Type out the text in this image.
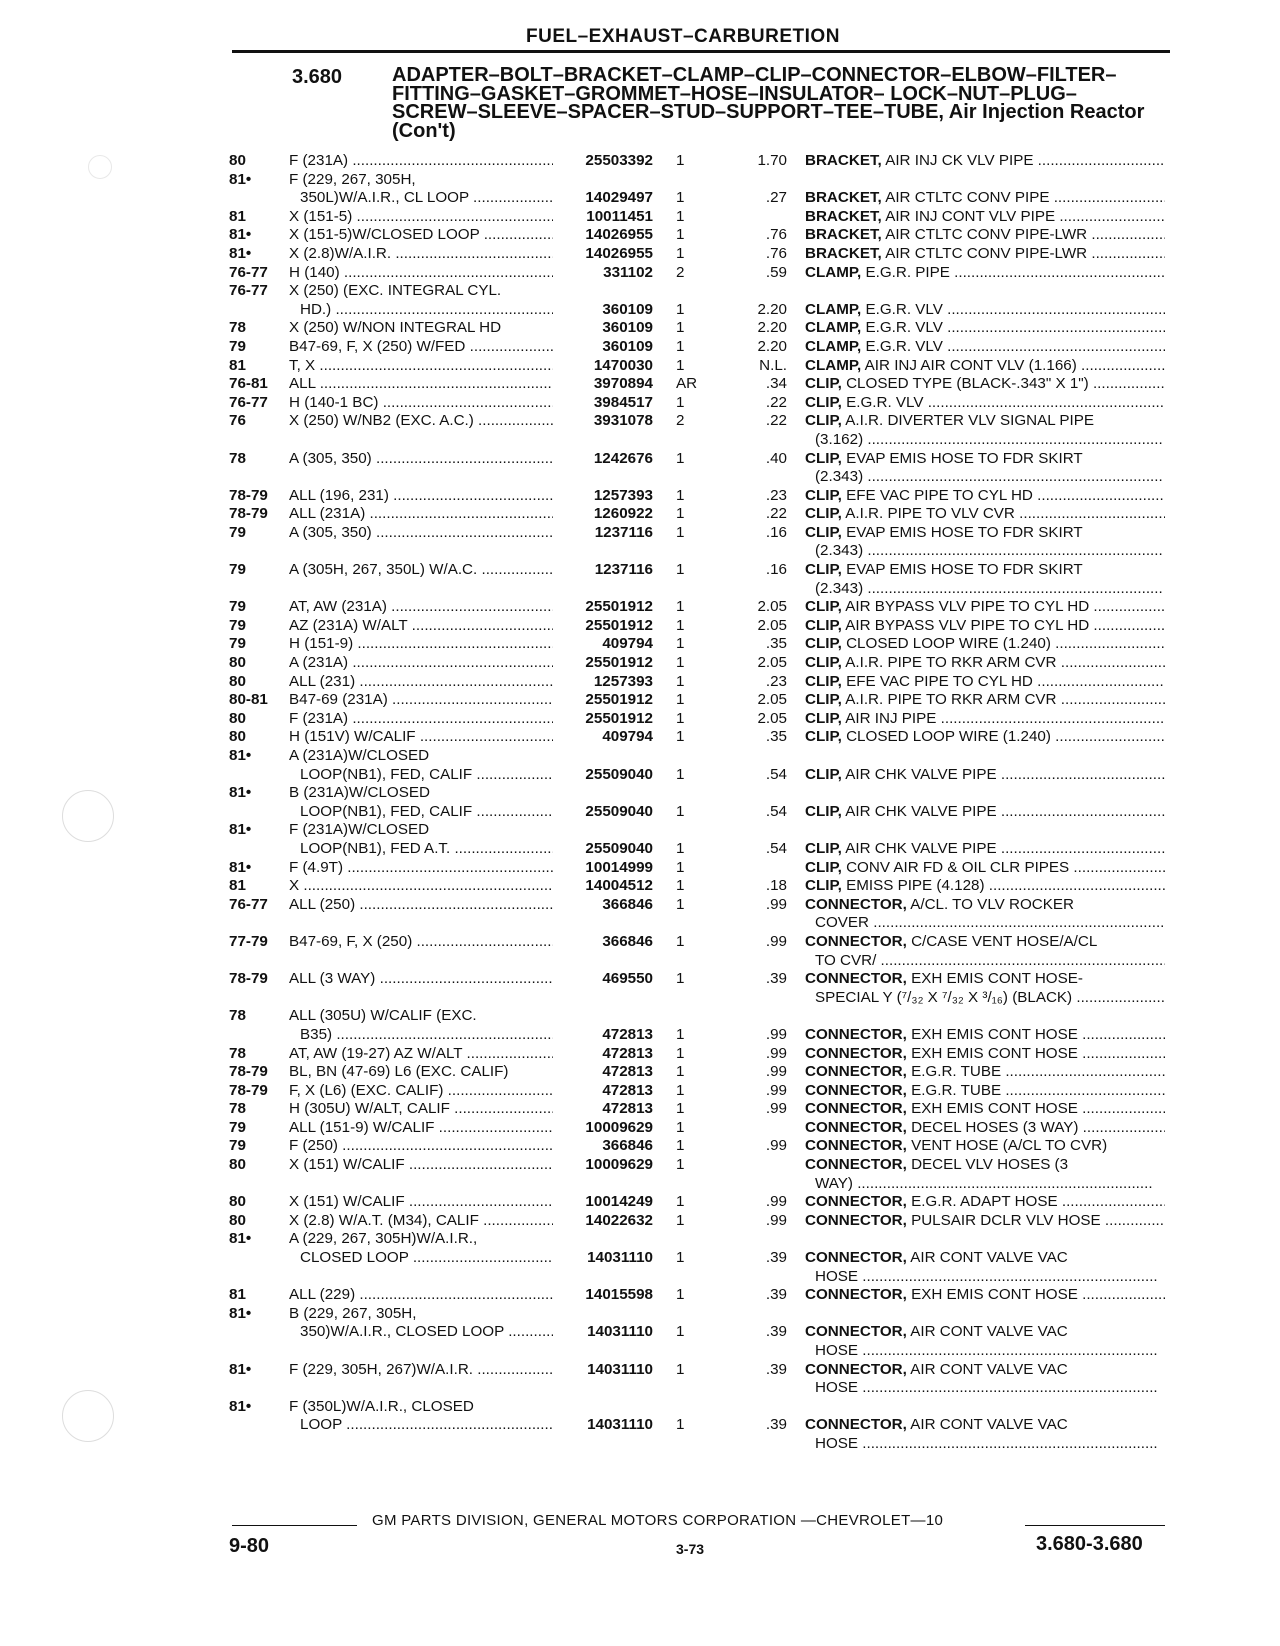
FUEL–EXHAUST–CARBURETION
3.680 ADAPTER–BOLT–BRACKET–CLAMP–CLIP–CONNECTOR–ELBOW–FILTER–FITTING–GASKET–GROMMET–HOSE–INSULATOR– LOCK–NUT–PLUG–SCREW–SLEEVE–SPACER–STUD–SUPPORT–TEE–TUBE, Air Injection Reactor (Con't)
80	F (231A) .....	25503392 1	1.70 BRACKET, AIR INJ CK VLV PIPE .....
81• F (229, 267, 305H,
350L)W/A.I.R., CL LOOP .....	14029497 1	.27 BRACKET, AIR CTLTC CONV PIPE .....
81	X (151-5) .....	10011451 1	BRACKET, AIR INJ CONT VLV PIPE .....
81• X (151-5)W/CLOSED LOOP .....	14026955 1	.76 BRACKET, AIR CTLTC CONV PIPE-LWR .....
81• X (2.8)W/A.I.R. .....	14026955 1	.76 BRACKET, AIR CTLTC CONV PIPE-LWR .....
76-77 H (140) .....	331102 2	.59 CLAMP, E.G.R. PIPE .....
76-77 X (250) (EXC. INTEGRAL CYL.
HD.) .....	360109 1	2.20 CLAMP, E.G.R. VLV .....
78	X (250) W/NON INTEGRAL HD	360109 1	2.20 CLAMP, E.G.R. VLV .....
79	B47-69, F, X (250) W/FED .....	360109 1	2.20 CLAMP, E.G.R. VLV .....
81	T, X .....	1470030 1	N.L. CLAMP, AIR INJ AIR CONT VLV (1.166) .....
76-81 ALL .....	3970894 AR	.34 CLIP, CLOSED TYPE (BLACK-.343" X 1") .....
76-77 H (140-1 BC) .....	3984517 1	.22 CLIP, E.G.R. VLV .....
76	X (250) W/NB2 (EXC. A.C.) .....	3931078 2	.22 CLIP, A.I.R. DIVERTER VLV SIGNAL PIPE
(3.162) .....
78	A (305, 350) .....	1242676 1	.40 CLIP, EVAP EMIS HOSE TO FDR SKIRT
(2.343) .....
78-79 ALL (196, 231) .....	1257393 1	.23 CLIP, EFE VAC PIPE TO CYL HD .....
78-79 ALL (231A) .....	1260922 1	.22 CLIP, A.I.R. PIPE TO VLV CVR .....
79	A (305, 350) .....	1237116 1	.16 CLIP, EVAP EMIS HOSE TO FDR SKIRT
(2.343) .....
79	A (305H, 267, 350L) W/A.C. .....	1237116 1	.16 CLIP, EVAP EMIS HOSE TO FDR SKIRT
(2.343) .....
79	AT, AW (231A) .....	25501912 1	2.05 CLIP, AIR BYPASS VLV PIPE TO CYL HD .....
79	AZ (231A) W/ALT .....	25501912 1	2.05 CLIP, AIR BYPASS VLV PIPE TO CYL HD .....
79	H (151-9) .....	409794 1	.35 CLIP, CLOSED LOOP WIRE (1.240) .....
80	A (231A) .....	25501912 1	2.05 CLIP, A.I.R. PIPE TO RKR ARM CVR .....
80	ALL (231) .....	1257393 1	.23 CLIP, EFE VAC PIPE TO CYL HD .....
80-81 B47-69 (231A) .....	25501912 1	2.05 CLIP, A.I.R. PIPE TO RKR ARM CVR .....
80	F (231A) .....	25501912 1	2.05 CLIP, AIR INJ PIPE .....
80	H (151V) W/CALIF .....	409794 1	.35 CLIP, CLOSED LOOP WIRE (1.240) .....
81• A (231A)W/CLOSED
LOOP(NB1), FED, CALIF .....	25509040 1	.54 CLIP, AIR CHK VALVE PIPE .....
81• B (231A)W/CLOSED
LOOP(NB1), FED, CALIF .....	25509040 1	.54 CLIP, AIR CHK VALVE PIPE .....
81• F (231A)W/CLOSED
LOOP(NB1), FED A.T. .....	25509040 1	.54 CLIP, AIR CHK VALVE PIPE .....
81• F (4.9T) .....	10014999 1	CLIP, CONV AIR FD & OIL CLR PIPES .....
81	X .....	14004512 1	.18 CLIP, EMISS PIPE (4.128) .....
76-77 ALL (250) .....	366846 1	.99 CONNECTOR, A/CL. TO VLV ROCKER
COVER .....
77-79 B47-69, F, X (250) .....	366846 1	.99 CONNECTOR, C/CASE VENT HOSE/A/CL
TO CVR/ .....
78-79 ALL (3 WAY) .....	469550 1	.39 CONNECTOR, EXH EMIS CONT HOSE-
SPECIAL Y (⁷/₃₂ X ⁷/₃₂ X ³/₁₆) (BLACK) .....
78	ALL (305U) W/CALIF (EXC.
B35) .....	472813 1	.99 CONNECTOR, EXH EMIS CONT HOSE .....
78	AT, AW (19-27) AZ W/ALT .....	472813 1	.99 CONNECTOR, EXH EMIS CONT HOSE .....
78-79 BL, BN (47-69) L6 (EXC. CALIF)	472813 1	.99 CONNECTOR, E.G.R. TUBE .....
78-79 F, X (L6) (EXC. CALIF) .....	472813 1	.99 CONNECTOR, E.G.R. TUBE .....
78	H (305U) W/ALT, CALIF .....	472813 1	.99 CONNECTOR, EXH EMIS CONT HOSE .....
79	ALL (151-9) W/CALIF .....	10009629 1	CONNECTOR, DECEL HOSES (3 WAY) .....
79	F (250) .....	366846 1	.99 CONNECTOR, VENT HOSE (A/CL TO CVR)
80	X (151) W/CALIF .....	10009629 1	CONNECTOR, DECEL VLV HOSES (3
WAY) .....
80	X (151) W/CALIF .....	10014249 1	.99 CONNECTOR, E.G.R. ADAPT HOSE .....
80	X (2.8) W/A.T. (M34), CALIF .....	14022632 1	.99 CONNECTOR, PULSAIR DCLR VLV HOSE .....
81• A (229, 267, 305H)W/A.I.R.,
CLOSED LOOP .....	14031110 1	.39 CONNECTOR, AIR CONT VALVE VAC
HOSE .....
81	ALL (229) .....	14015598 1	.39 CONNECTOR, EXH EMIS CONT HOSE .....
81• B (229, 267, 305H,
350)W/A.I.R., CLOSED LOOP .....	14031110 1	.39 CONNECTOR, AIR CONT VALVE VAC
HOSE .....
81• F (229, 305H, 267)W/A.I.R. .....	14031110 1	.39 CONNECTOR, AIR CONT VALVE VAC
HOSE .....
81• F (350L)W/A.I.R., CLOSED
LOOP .....	14031110 1	.39 CONNECTOR, AIR CONT VALVE VAC
HOSE .....
GM PARTS DIVISION, GENERAL MOTORS CORPORATION —CHEVROLET—10
9-80	3-73	3.680-3.680
